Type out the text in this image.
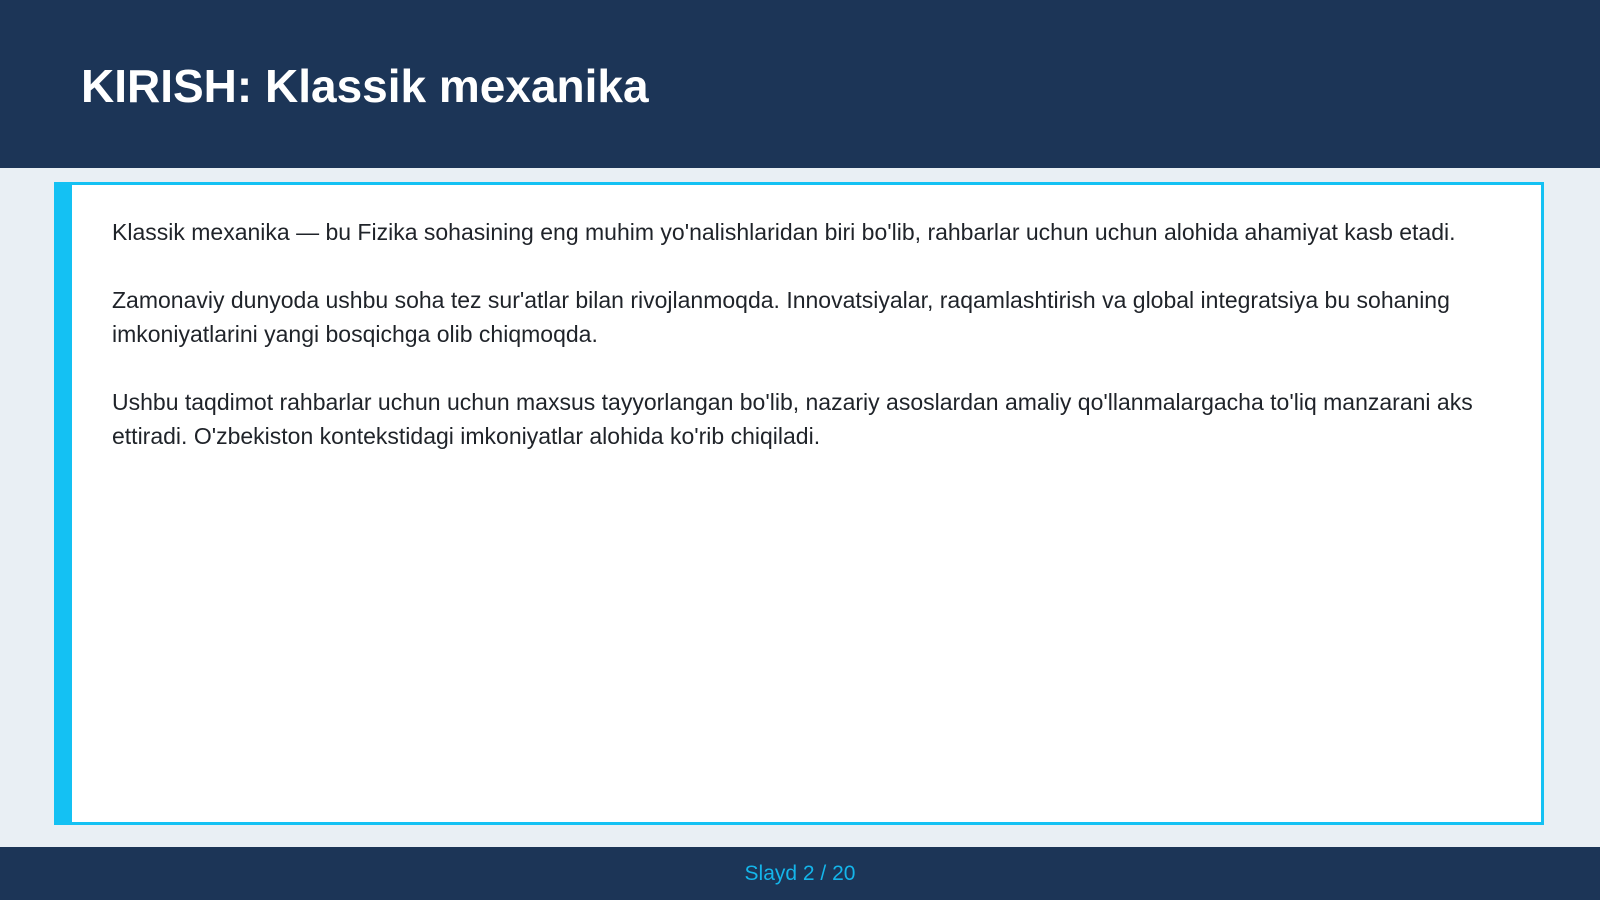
KIRISH: Klassik mexanika

Klassik mexanika — bu Fizika sohasining eng muhim yo'nalishlaridan biri bo'lib, rahbarlar uchun uchun alohida ahamiyat kasb etadi.

Zamonaviy dunyoda ushbu soha tez sur'atlar bilan rivojlanmoqda. Innovatsiyalar, raqamlashtirish va global integratsiya bu sohaning imkoniyatlarini yangi bosqichga olib chiqmoqda.

Ushbu taqdimot rahbarlar uchun uchun maxsus tayyorlangan bo'lib, nazariy asoslardan amaliy qo'llanmalargacha to'liq manzarani aks ettiradi. O'zbekiston kontekstidagi imkoniyatlar alohida ko'rib chiqiladi.

Slayd 2 / 20
